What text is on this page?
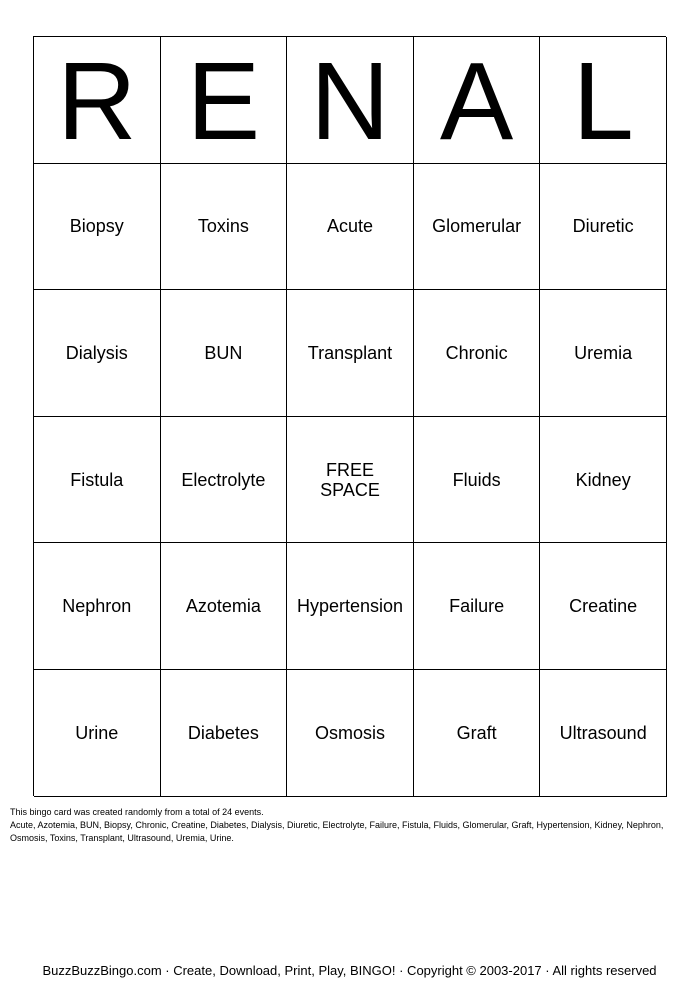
R E N A L
Biopsy	Toxins	Acute	Glomerular	Diuretic
Dialysis	BUN	Transplant	Chronic	Uremia
Fistula	Electrolyte	FREE SPACE	Fluids	Kidney
Nephron	Azotemia	Hypertension	Failure	Creatine
Urine	Diabetes	Osmosis	Graft	Ultrasound
This bingo card was created randomly from a total of 24 events.
Acute, Azotemia, BUN, Biopsy, Chronic, Creatine, Diabetes, Dialysis, Diuretic, Electrolyte, Failure, Fistula, Fluids, Glomerular, Graft, Hypertension, Kidney, Nephron, Osmosis, Toxins, Transplant, Ultrasound, Uremia, Urine.
BuzzBuzzBingo.com · Create, Download, Print, Play, BINGO! · Copyright © 2003-2017 · All rights reserved
